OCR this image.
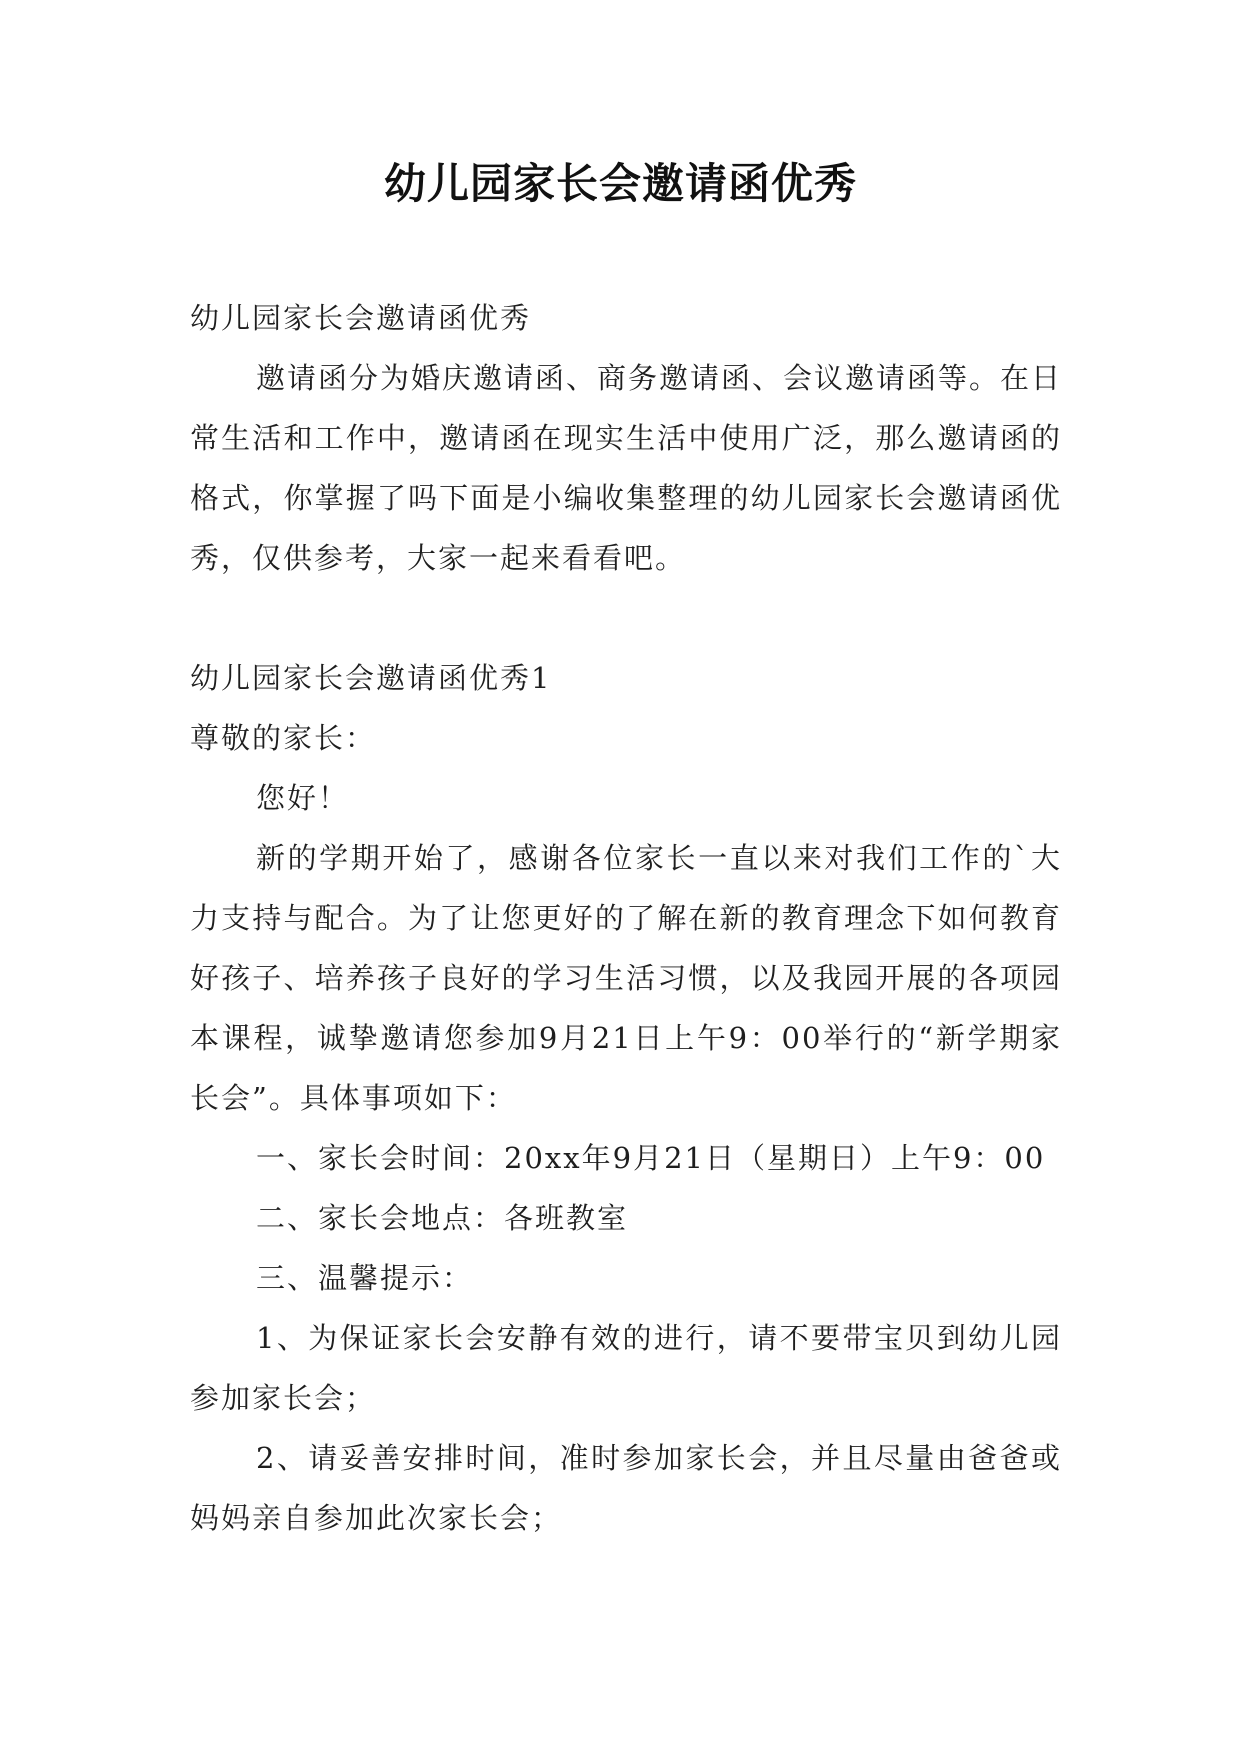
幼儿园家长会邀请函优秀

幼儿园家长会邀请函优秀

邀请函分为婚庆邀请函、商务邀请函、会议邀请函等。在日常生活和工作中，邀请函在现实生活中使用广泛，那么邀请函的格式，你掌握了吗下面是小编收集整理的幼儿园家长会邀请函优秀，仅供参考，大家一起来看看吧。

幼儿园家长会邀请函优秀1

尊敬的家长：

您好！

新的学期开始了，感谢各位家长一直以来对我们工作的`大力支持与配合。为了让您更好的了解在新的教育理念下如何教育好孩子、培养孩子良好的学习生活习惯，以及我园开展的各项园本课程，诚挚邀请您参加9月21日上午9：00举行的“新学期家长会”。具体事项如下：

一、家长会时间：20xx年9月21日（星期日）上午9：00

二、家长会地点：各班教室

三、温馨提示：

1、为保证家长会安静有效的进行，请不要带宝贝到幼儿园参加家长会；

2、请妥善安排时间，准时参加家长会，并且尽量由爸爸或妈妈亲自参加此次家长会；
